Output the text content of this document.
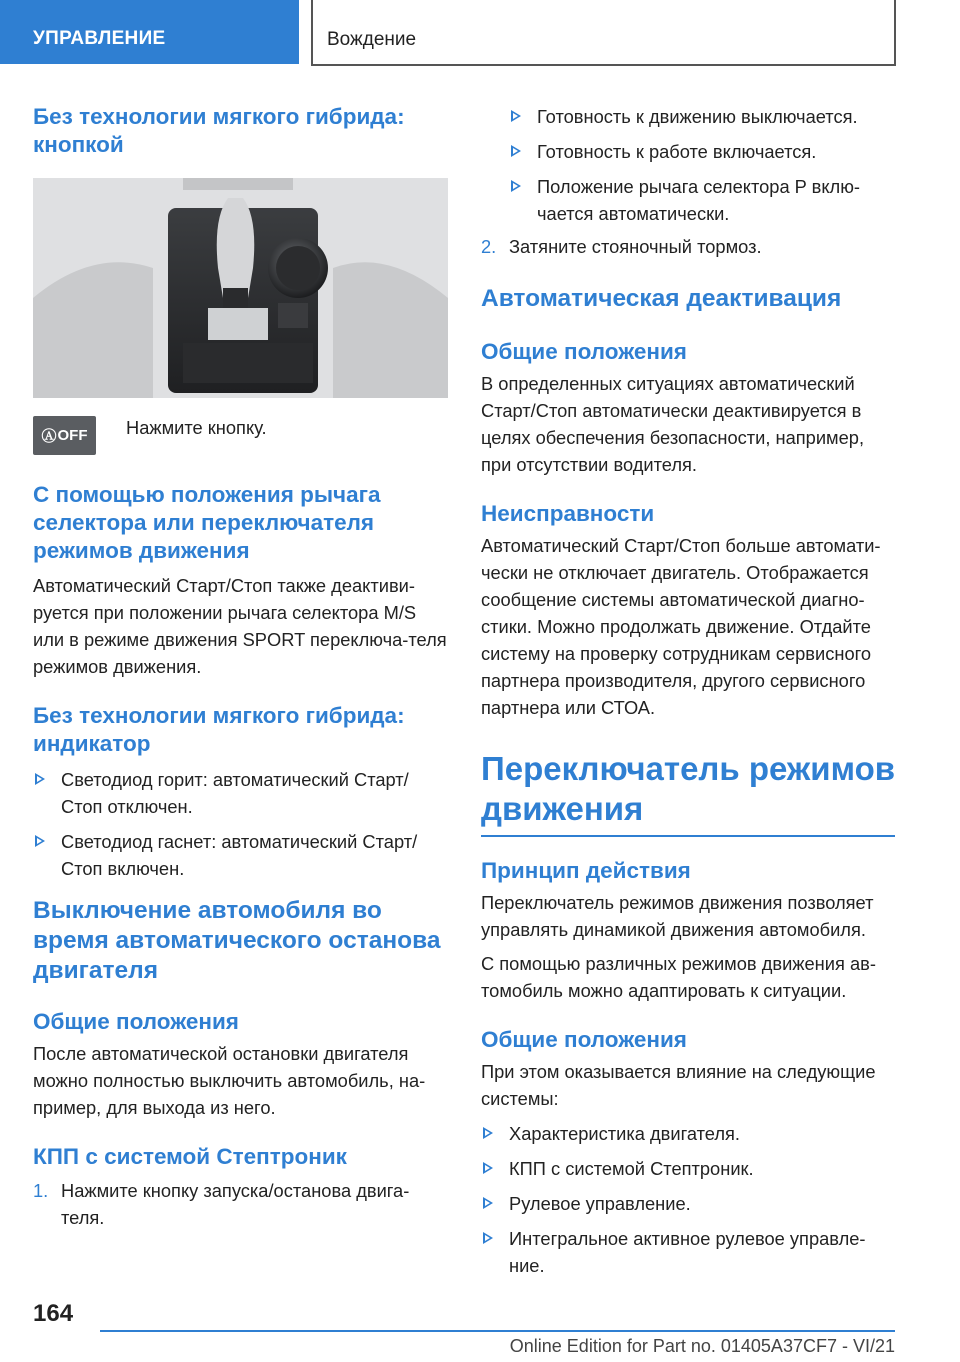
УПРАВЛЕНИЕ	Вождение
Без технологии мягкого гибрида: кнопкой
Ⓐ OFF Нажмите кнопку.

С помощью положения рычага селектора или переключателя режимов движения

Автоматический Старт/Стоп также деактиви-руется при положении рычага селектора M/S или в режиме движения SPORT переключа-теля режимов движения.

Без технологии мягкого гибрида: индикатор
Светодиод горит: автоматический Старт/ Стоп отключен.
Светодиод гаснет: автоматический Старт/ Стоп включен.
Выключение автомобиля во время автоматического останова двигателя
Общие положения

После автоматической остановки двигателя можно полностью выключить автомобиль, на-пример, для выхода из него.

КПП с системой Стептроник
1. Нажмите кнопку запуска/останова двига-теля.
Готовность к движению выключается.
Готовность к работе включается.
Положение рычага селектора P вклю-чается автоматически.
2. Затяните стояночный тормоз.
Автоматическая деактивация
Общие положения

В определенных ситуациях автоматический Старт/Стоп автоматически деактивируется в целях обеспечения безопасности, например, при отсутствии водителя.

Неисправности

Автоматический Старт/Стоп больше автомати-чески не отключает двигатель. Отображается сообщение системы автоматической диагно-стики. Можно продолжать движение. Отдайте систему на проверку сотрудникам сервисного партнера производителя, другого сервисного партнера или СТОА.

Переключатель режимов движения
Принцип действия

Переключатель режимов движения позволяет управлять динамикой движения автомобиля.

С помощью различных режимов движения ав-томобиль можно адаптировать к ситуации.

Общие положения

При этом оказывается влияние на следующие системы:

Характеристика двигателя.
КПП с системой Стептроник.
Рулевое управление.
Интегральное активное рулевое управле-ние.
164
Online Edition for Part no. 01405A37CF7 - VI/21
